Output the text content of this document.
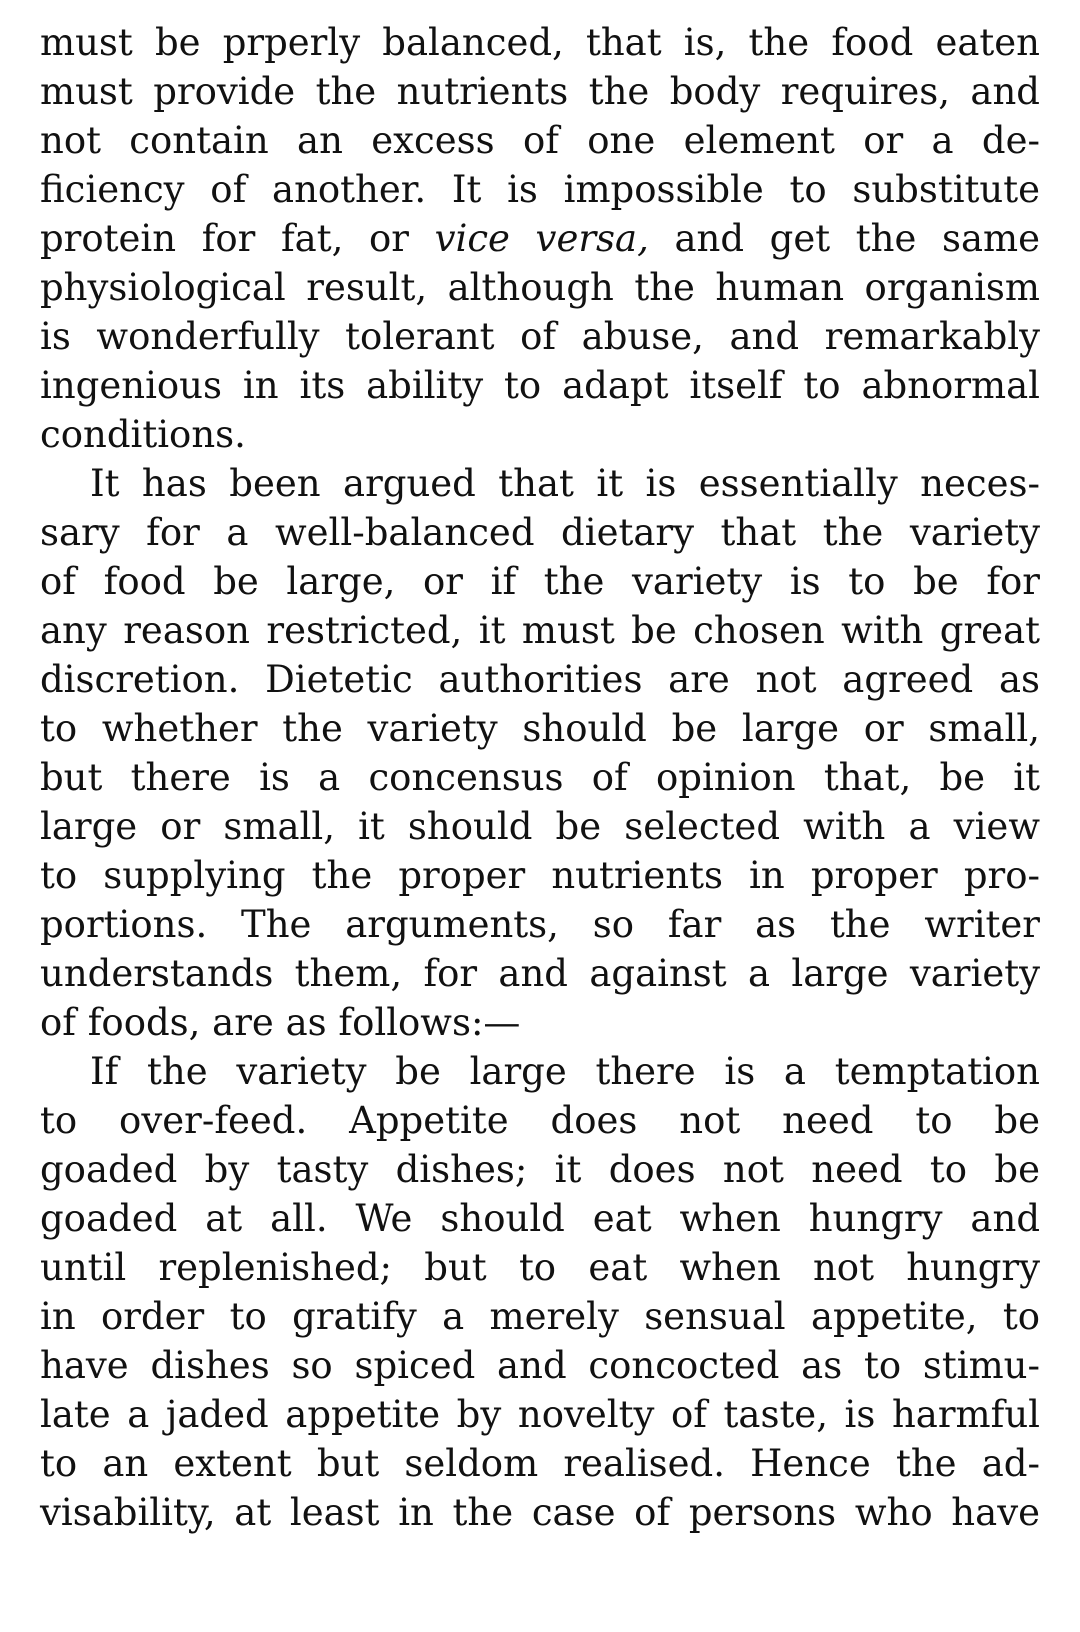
must be prperly balanced, that is, the food eaten
must provide the nutrients the body requires, and
not contain an excess of one element or a de-
ficiency of another. It is impossible to substitute
protein for fat, or vice versa, and get the same
physiological result, although the human organism
is wonderfully tolerant of abuse, and remarkably
ingenious in its ability to adapt itself to abnormal
conditions.
It has been argued that it is essentially neces-
sary for a well-balanced dietary that the variety
of food be large, or if the variety is to be for
any reason restricted, it must be chosen with great
discretion. Dietetic authorities are not agreed as
to whether the variety should be large or small,
but there is a concensus of opinion that, be it
large or small, it should be selected with a view
to supplying the proper nutrients in proper pro-
portions. The arguments, so far as the writer
understands them, for and against a large variety
of foods, are as follows:—
If the variety be large there is a temptation
to over-feed. Appetite does not need to be
goaded by tasty dishes; it does not need to be
goaded at all. We should eat when hungry and
until replenished; but to eat when not hungry
in order to gratify a merely sensual appetite, to
have dishes so spiced and concocted as to stimu-
late a jaded appetite by novelty of taste, is harmful
to an extent but seldom realised. Hence the ad-
visability, at least in the case of persons who have
